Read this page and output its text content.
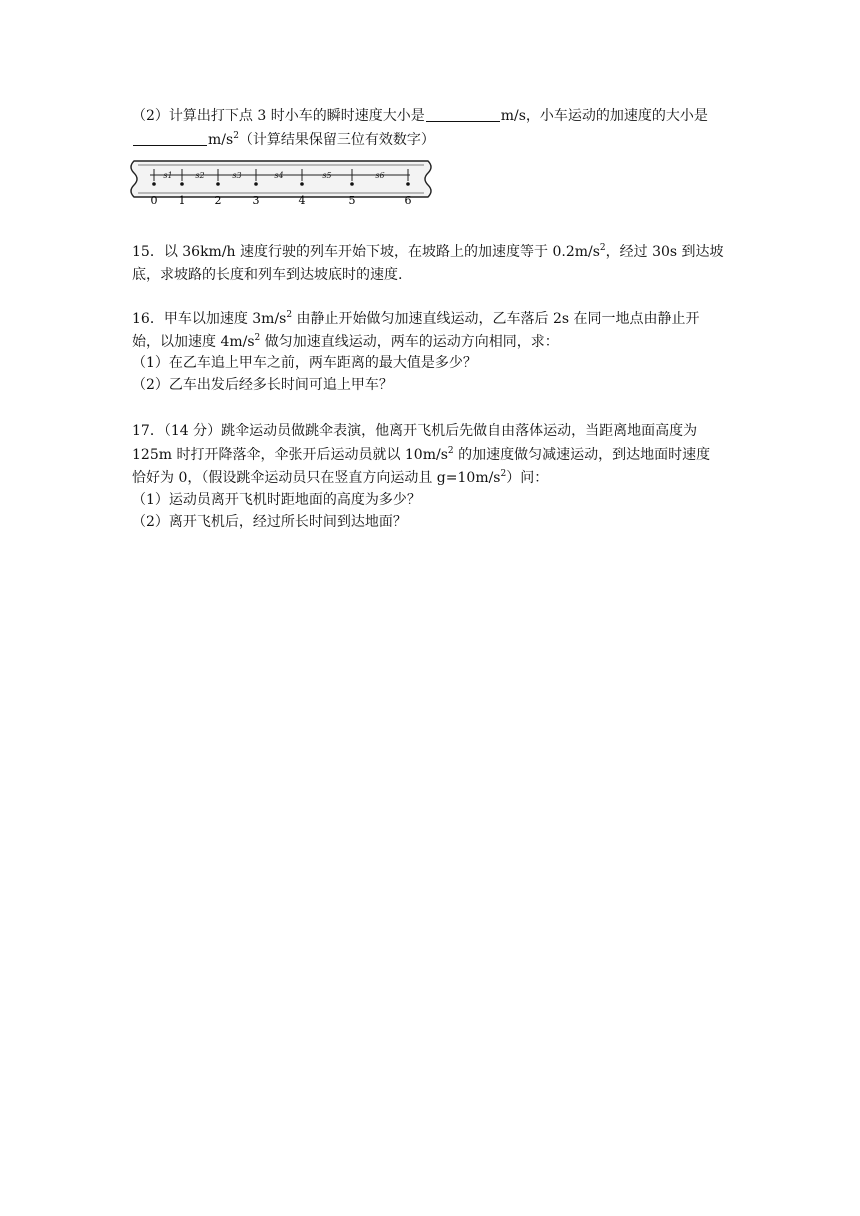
（2）计算出打下点 3 时小车的瞬时速度大小是	m/s，小车运动的加速度的大小是
$m/s^2$（计算结果保留三位有效数字）
0 1	2	3	4	5	6
s1	s2	s3	s4	s5	s6
15．以 36km/h 速度行驶的列车开始下坡，在坡路上的加速度等于 $0.2m/s^2$，经过 30s 到达坡
底，求坡路的长度和列车到达坡底时的速度.
16．甲车以加速度 $3m/s^2$ 由静止开始做匀加速直线运动，乙车落后 2s 在同一地点由静止开
始，以加速度 $4m/s^2$ 做匀加速直线运动，两车的运动方向相同，求：
（1）在乙车追上甲车之前，两车距离的最大值是多少？
（2）乙车出发后经多长时间可追上甲车？
17．（14 分）跳伞运动员做跳伞表演，他离开飞机后先做自由落体运动，当距离地面高度为
125m 时打开降落伞，伞张开后运动员就以 $10m/s^2$ 的加速度做匀减速运动，到达地面时速度
恰好为 0，（假设跳伞运动员只在竖直方向运动且 $g=10m/s^2$）问：
（1）运动员离开飞机时距地面的高度为多少？
（2）离开飞机后，经过所长时间到达地面？
